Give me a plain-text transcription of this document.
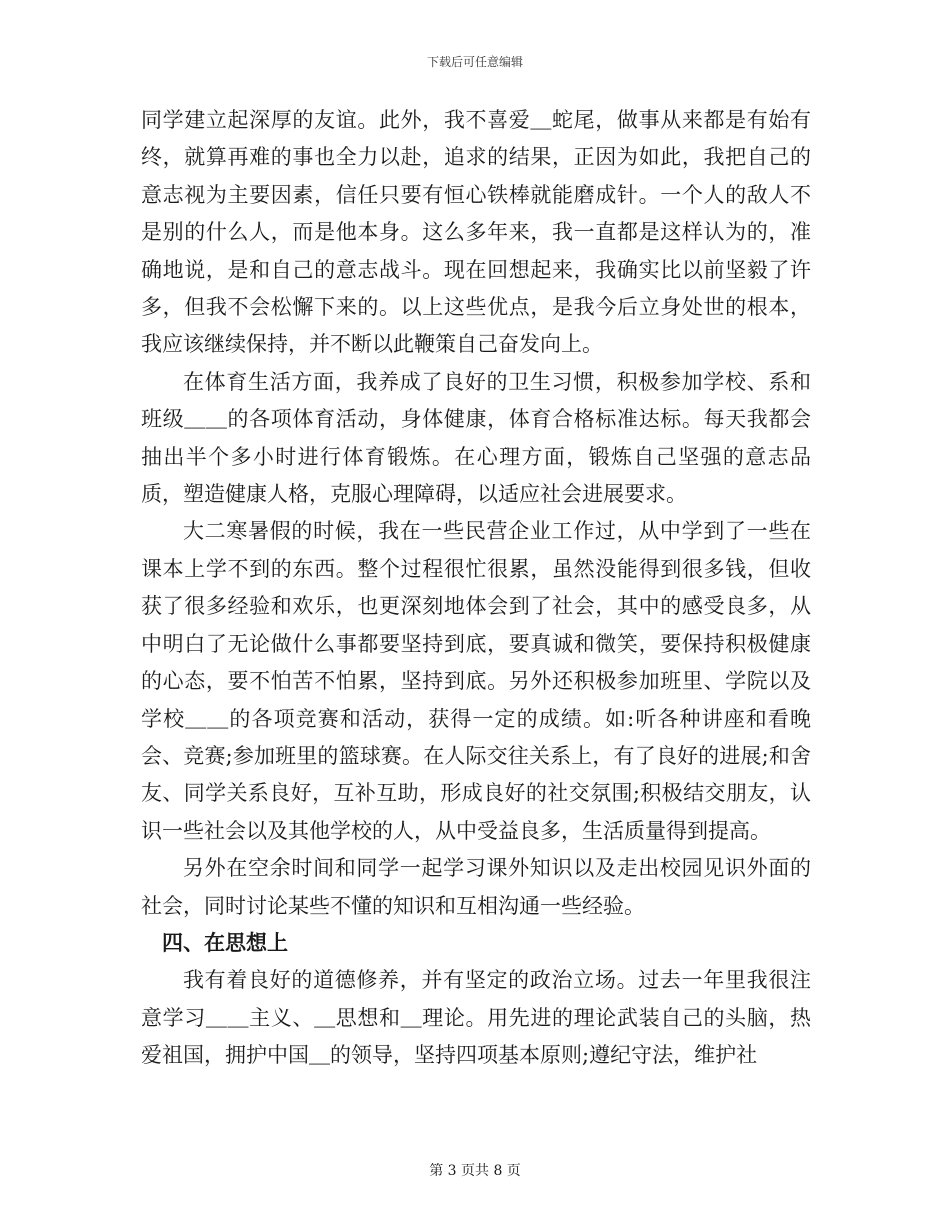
下载后可任意编辑

同学建立起深厚的友谊。此外，我不喜爱＿蛇尾，做事从来都是有始有终，就算再难的事也全力以赴，追求的结果，正因为如此，我把自己的意志视为主要因素，信任只要有恒心铁棒就能磨成针。一个人的敌人不是别的什么人，而是他本身。这么多年来，我一直都是这样认为的，准确地说，是和自己的意志战斗。现在回想起来，我确实比以前坚毅了许多，但我不会松懈下来的。以上这些优点，是我今后立身处世的根本，我应该继续保持，并不断以此鞭策自己奋发向上。

在体育生活方面，我养成了良好的卫生习惯，积极参加学校、系和班级＿＿的各项体育活动，身体健康，体育合格标准达标。每天我都会抽出半个多小时进行体育锻炼。在心理方面，锻炼自己坚强的意志品质，塑造健康人格，克服心理障碍，以适应社会进展要求。

大二寒暑假的时候，我在一些民营企业工作过，从中学到了一些在课本上学不到的东西。整个过程很忙很累，虽然没能得到很多钱，但收获了很多经验和欢乐，也更深刻地体会到了社会，其中的感受良多，从中明白了无论做什么事都要坚持到底，要真诚和微笑，要保持积极健康的心态，要不怕苦不怕累，坚持到底。另外还积极参加班里、学院以及学校＿＿的各项竞赛和活动，获得一定的成绩。如:听各种讲座和看晚会、竞赛;参加班里的篮球赛。在人际交往关系上，有了良好的进展;和舍友、同学关系良好，互补互助，形成良好的社交氛围;积极结交朋友，认识一些社会以及其他学校的人，从中受益良多，生活质量得到提高。

另外在空余时间和同学一起学习课外知识以及走出校园见识外面的社会，同时讨论某些不懂的知识和互相沟通一些经验。

四、在思想上

我有着良好的道德修养，并有坚定的政治立场。过去一年里我很注意学习＿＿主义、＿思想和＿理论。用先进的理论武装自己的头脑，热爱祖国，拥护中国＿的领导，坚持四项基本原则;遵纪守法，维护社

第 3 页共 8 页
